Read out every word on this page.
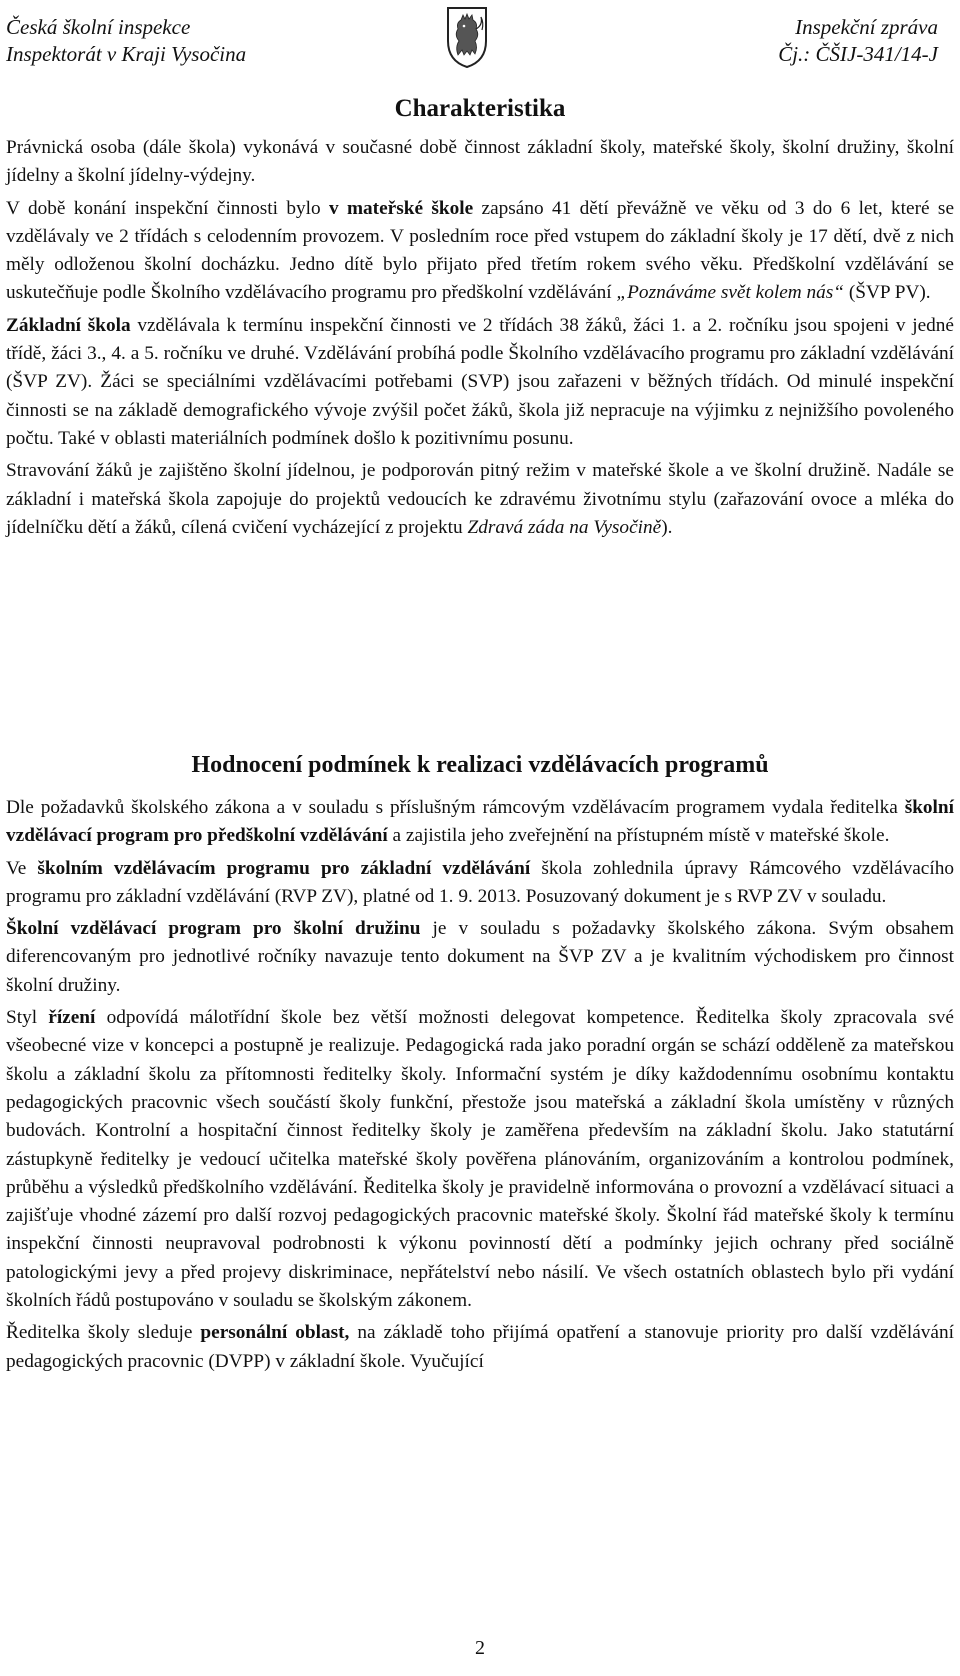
Česká školní inspekce
Inspektorát v Kraji Vysočina
Inspekční zpráva
Čj.: ČŠIJ-341/14-J
Charakteristika

Právnická osoba (dále škola) vykonává v současné době činnost základní školy, mateřské školy, školní družiny, školní jídelny a školní jídelny-výdejny.

V době konání inspekční činnosti bylo v mateřské škole zapsáno 41 dětí převážně ve věku od 3 do 6 let, které se vzdělávaly ve 2 třídách s celodenním provozem. V posledním roce před vstupem do základní školy je 17 dětí, dvě z nich měly odloženou školní docházku. Jedno dítě bylo přijato před třetím rokem svého věku. Předškolní vzdělávání se uskutečňuje podle Školního vzdělávacího programu pro předškolní vzdělávání „Poznáváme svět kolem nás“ (ŠVP PV).

Základní škola vzdělávala k termínu inspekční činnosti ve 2 třídách 38 žáků, žáci 1. a 2. ročníku jsou spojeni v jedné třídě, žáci 3., 4. a 5. ročníku ve druhé. Vzdělávání probíhá podle Školního vzdělávacího programu pro základní vzdělávání (ŠVP ZV). Žáci se speciálními vzdělávacími potřebami (SVP) jsou zařazeni v běžných třídách. Od minulé inspekční činnosti se na základě demografického vývoje zvýšil počet žáků, škola již nepracuje na výjimku z nejnižšího povoleného počtu. Také v oblasti materiálních podmínek došlo k pozitivnímu posunu.

Stravování žáků je zajištěno školní jídelnou, je podporován pitný režim v mateřské škole a ve školní družině. Nadále se základní i mateřská škola zapojuje do projektů vedoucích ke zdravému životnímu stylu (zařazování ovoce a mléka do jídelníčku dětí a žáků, cílená cvičení vycházející z projektu Zdravá záda na Vysočině).

Hodnocení podmínek k realizaci vzdělávacích programů

Dle požadavků školského zákona a v souladu s příslušným rámcovým vzdělávacím programem vydala ředitelka školní vzdělávací program pro předškolní vzdělávání a zajistila jeho zveřejnění na přístupném místě v mateřské škole.

Ve školním vzdělávacím programu pro základní vzdělávání škola zohlednila úpravy Rámcového vzdělávacího programu pro základní vzdělávání (RVP ZV), platné od 1. 9. 2013. Posuzovaný dokument je s RVP ZV v souladu.

Školní vzdělávací program pro školní družinu je v souladu s požadavky školského zákona. Svým obsahem diferencovaným pro jednotlivé ročníky navazuje tento dokument na ŠVP ZV a je kvalitním východiskem pro činnost školní družiny.

Styl řízení odpovídá málotřídní škole bez větší možnosti delegovat kompetence. Ředitelka školy zpracovala své všeobecné vize v koncepci a postupně je realizuje. Pedagogická rada jako poradní orgán se schází odděleně za mateřskou školu a základní školu za přítomnosti ředitelky školy. Informační systém je díky každodennímu osobnímu kontaktu pedagogických pracovnic všech součástí školy funkční, přestože jsou mateřská a základní škola umístěny v různých budovách. Kontrolní a hospitační činnost ředitelky školy je zaměřena především na základní školu. Jako statutární zástupkyně ředitelky je vedoucí učitelka mateřské školy pověřena plánováním, organizováním a kontrolou podmínek, průběhu a výsledků předškolního vzdělávání. Ředitelka školy je pravidelně informována o provozní a vzdělávací situaci a zajišťuje vhodné zázemí pro další rozvoj pedagogických pracovnic mateřské školy. Školní řád mateřské školy k termínu inspekční činnosti neupravoval podrobnosti k výkonu povinností dětí a podmínky jejich ochrany před sociálně patologickými jevy a před projevy diskriminace, nepřátelství nebo násilí. Ve všech ostatních oblastech bylo při vydání školních řádů postupováno v souladu se školským zákonem.

Ředitelka školy sleduje personální oblast, na základě toho přijímá opatření a stanovuje priority pro další vzdělávání pedagogických pracovnic (DVPP) v základní škole. Vyučující

2
